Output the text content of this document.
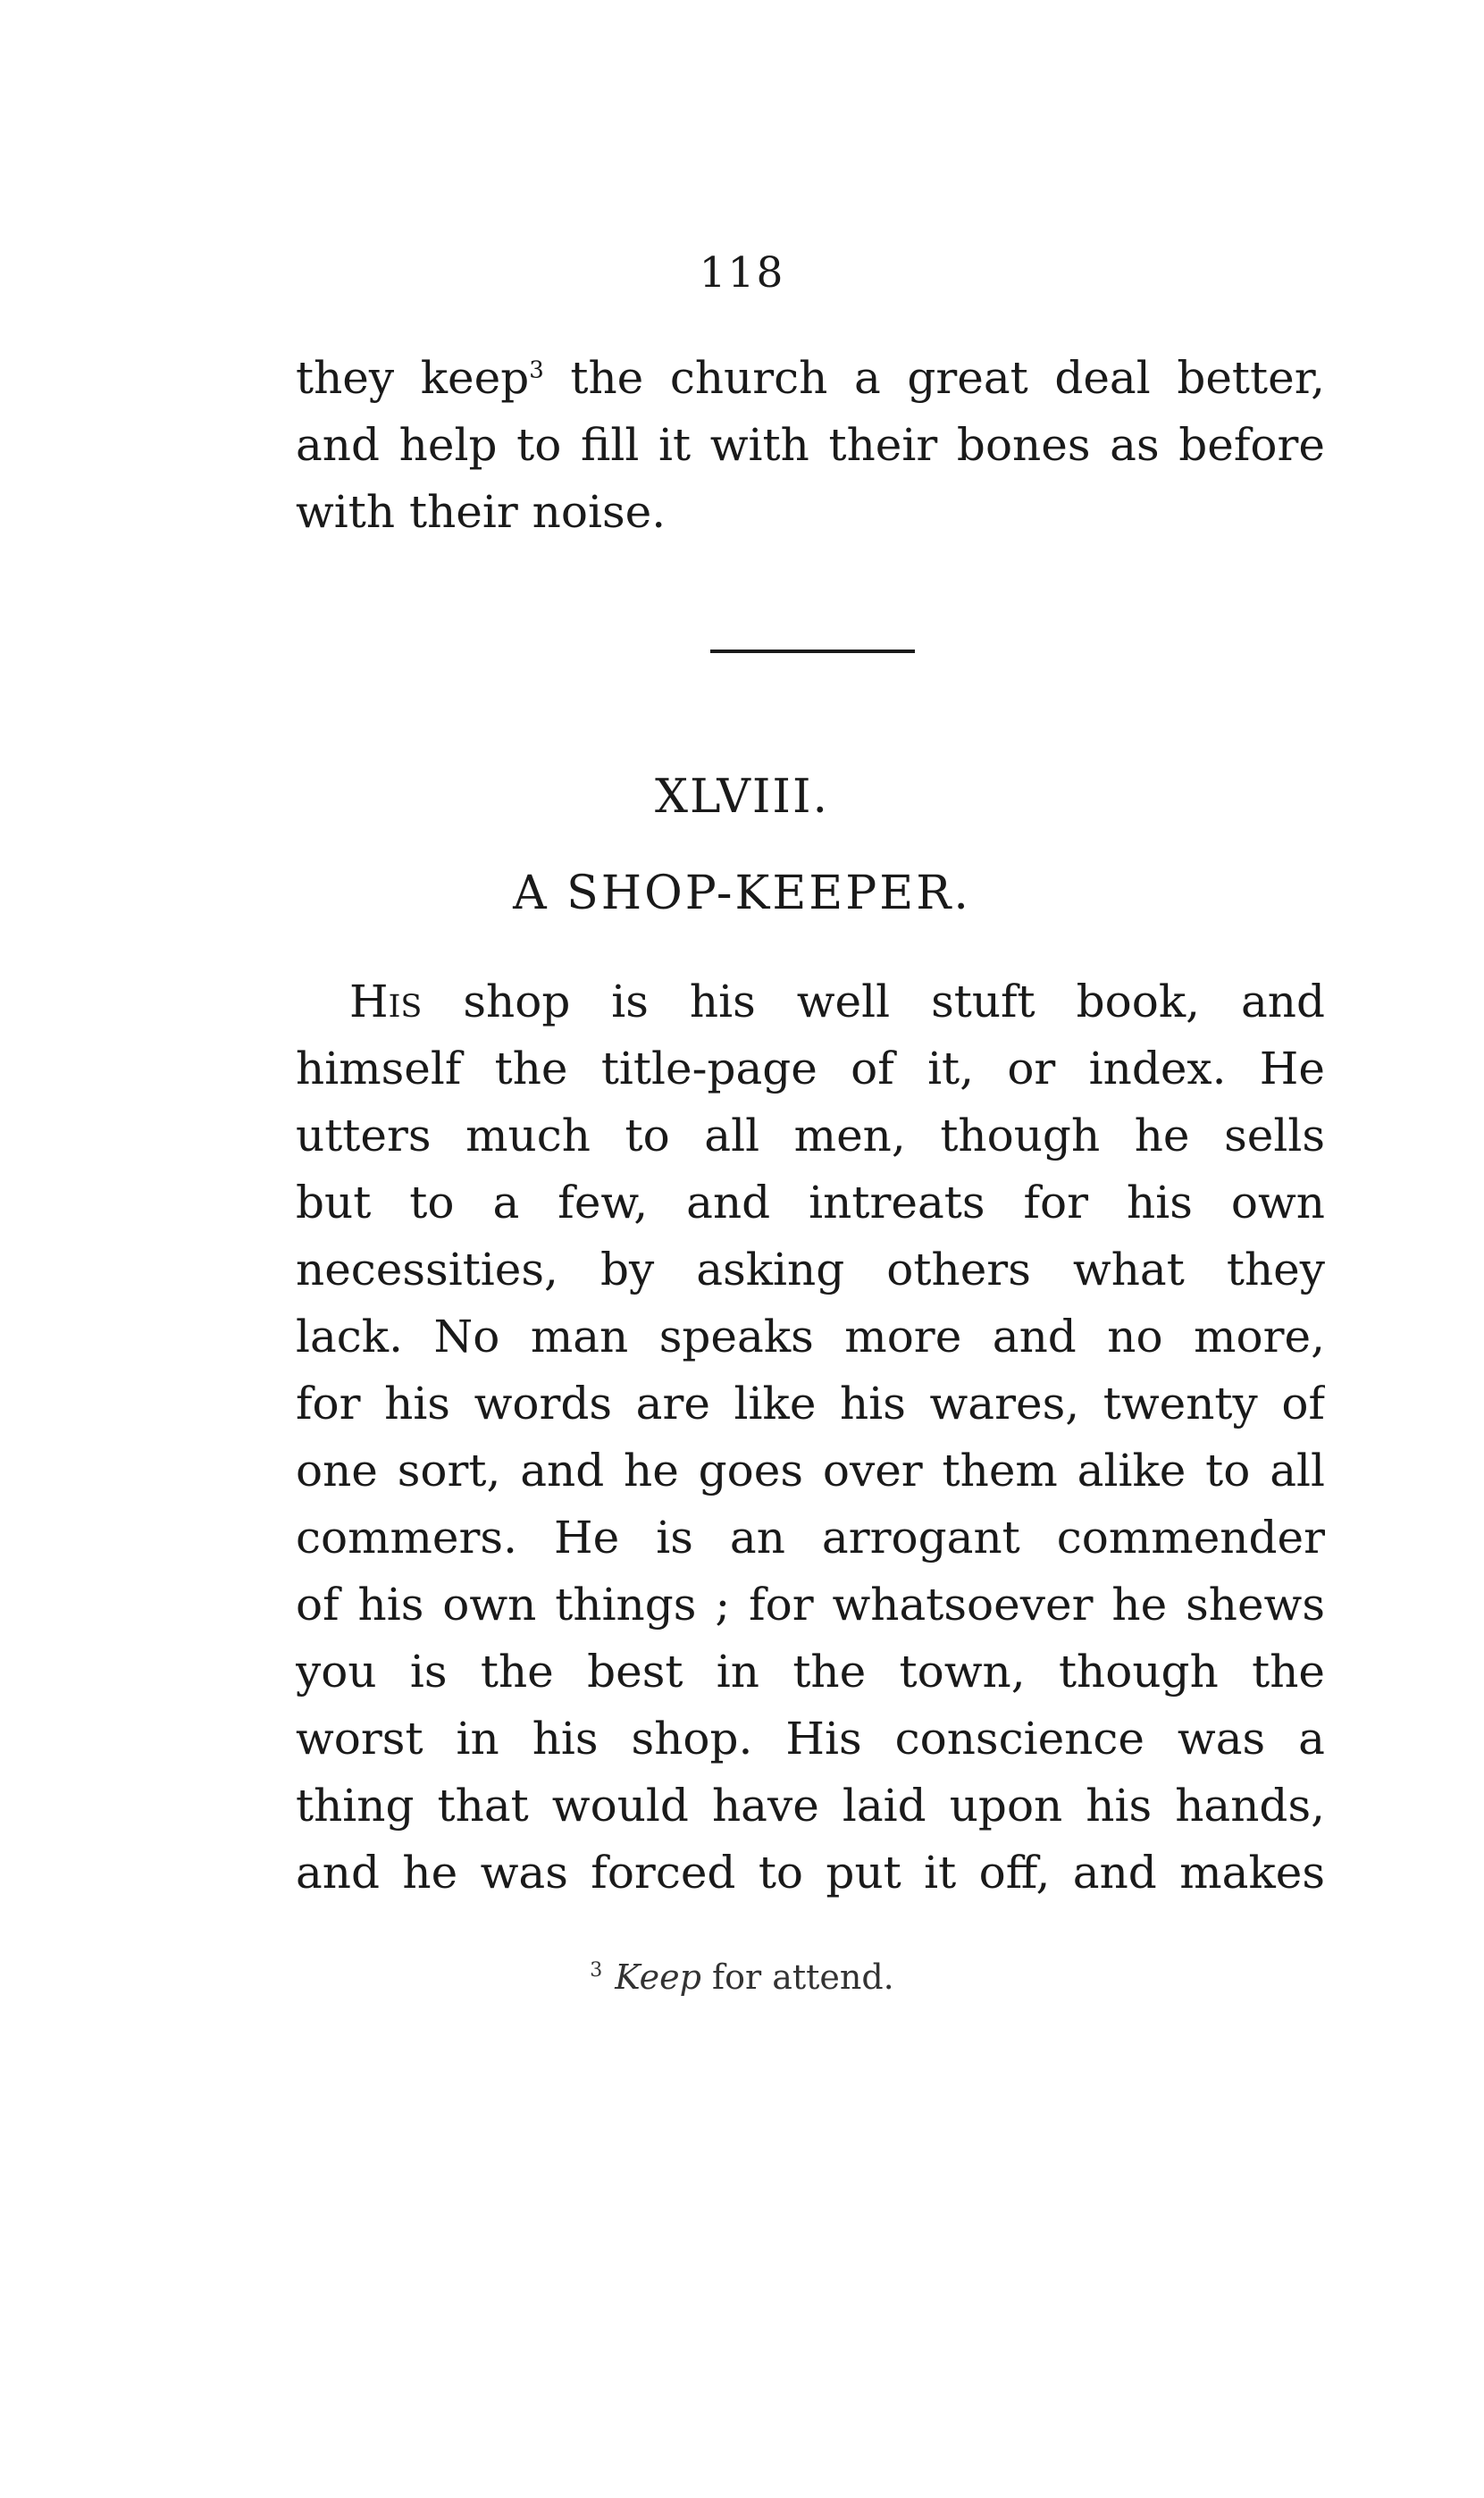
118
they keep$^3$ the church a great deal better,
and help to fill it with their bones as before
with their noise.
XLVIII.
A SHOP-KEEPER.
His shop is his well stuft book, and
himself the title-page of it, or index. He
utters much to all men, though he sells
but to a few, and intreats for his own
necessities, by asking others what they
lack. No man speaks more and no more,
for his words are like his wares, twenty of
one sort, and he goes over them alike to all
commers. He is an arrogant commender
of his own things ; for whatsoever he shews
you is the best in the town, though the
worst in his shop. His conscience was a
thing that would have laid upon his hands,
and he was forced to put it off, and makes
$^3$ Keep for attend.
